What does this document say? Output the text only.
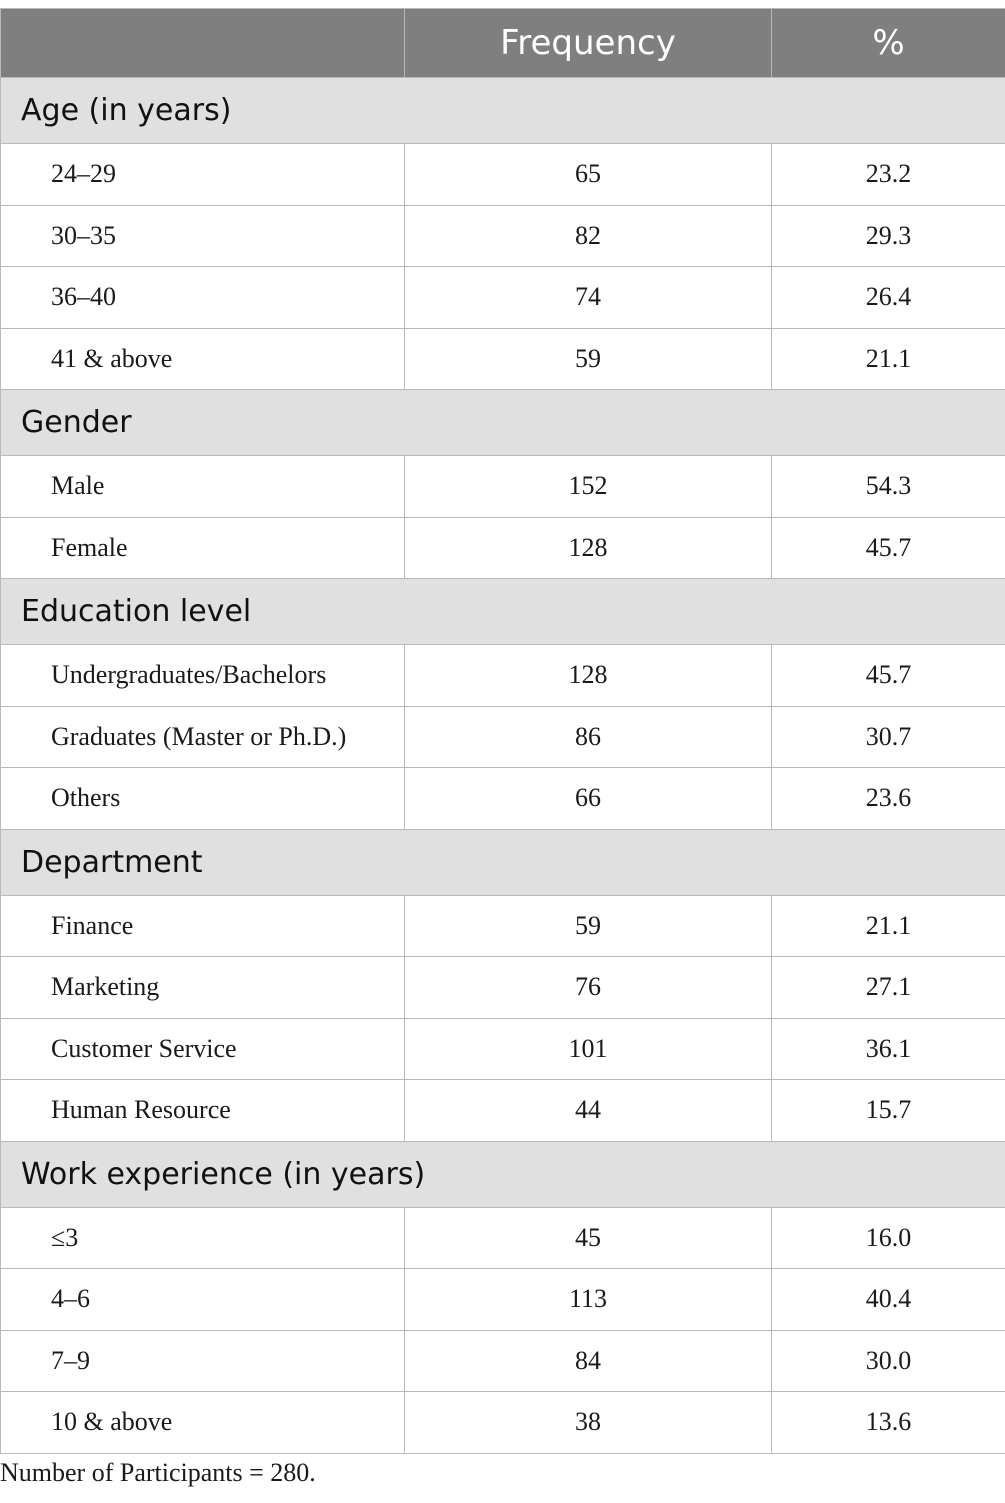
	Frequency	%
Age (in years)		
24–29	65	23.2
30–35	82	29.3
36–40	74	26.4
41 & above	59	21.1
Gender		
Male	152	54.3
Female	128	45.7
Education level		
Undergraduates/Bachelors	128	45.7
Graduates (Master or Ph.D.)	86	30.7
Others	66	23.6
Department		
Finance	59	21.1
Marketing	76	27.1
Customer Service	101	36.1
Human Resource	44	15.7
Work experience (in years)		
≤3	45	16.0
4–6	113	40.4
7–9	84	30.0
10 & above	38	13.6
Number of Participants = 280.
